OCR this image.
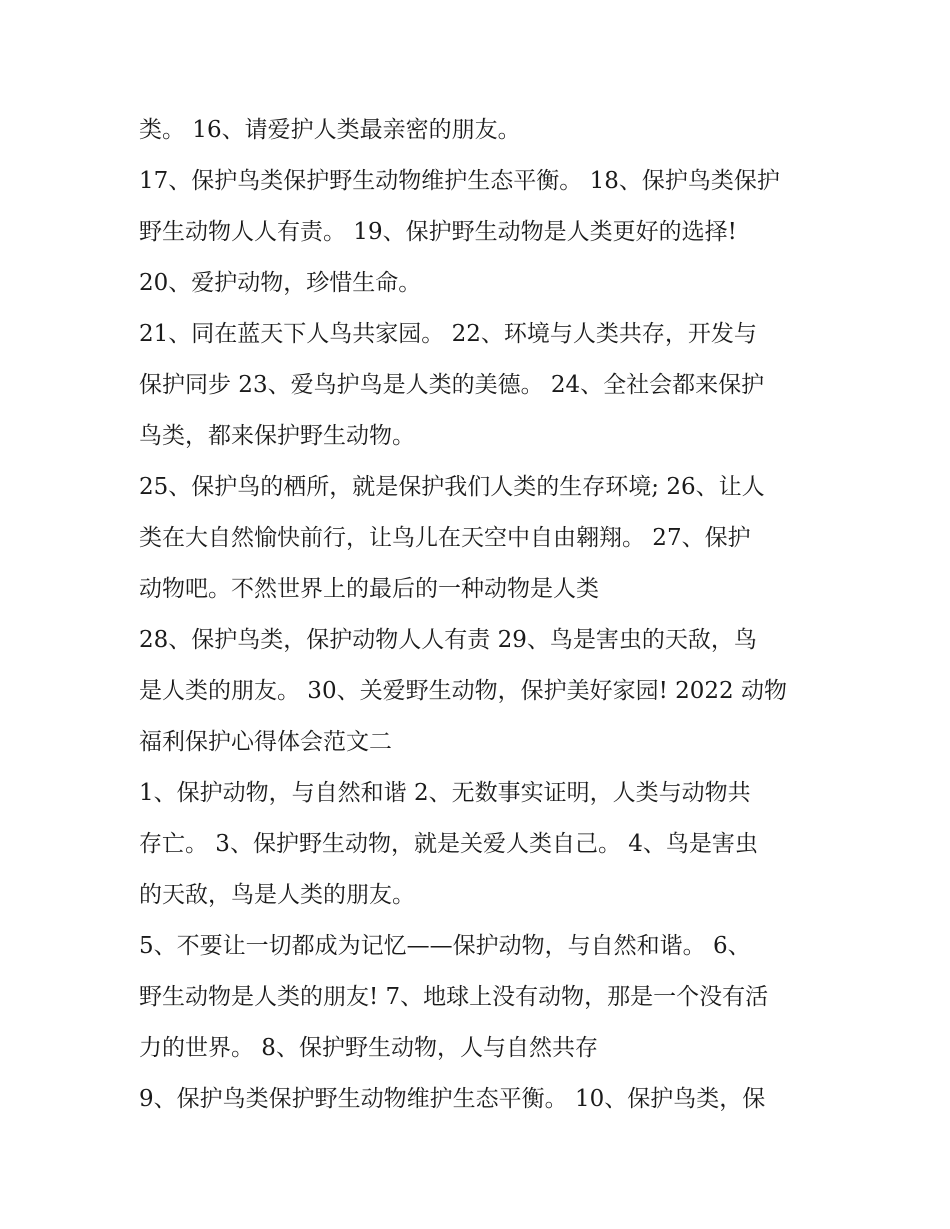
类。 16、请爱护人类最亲密的朋友。
17、保护鸟类保护野生动物维护生态平衡。 18、保护鸟类保护
野生动物人人有责。 19、保护野生动物是人类更好的选择!
20、爱护动物，珍惜生命。
21、同在蓝天下人鸟共家园。 22、环境与人类共存，开发与
保护同步 23、爱鸟护鸟是人类的美德。 24、全社会都来保护
鸟类，都来保护野生动物。
25、保护鸟的栖所，就是保护我们人类的生存环境; 26、让人
类在大自然愉快前行，让鸟儿在天空中自由翱翔。 27、保护
动物吧。不然世界上的最后的一种动物是人类
28、保护鸟类，保护动物人人有责 29、鸟是害虫的天敌，鸟
是人类的朋友。 30、关爱野生动物，保护美好家园! 2022 动物
福利保护心得体会范文二
1、保护动物，与自然和谐 2、无数事实证明，人类与动物共
存亡。 3、保护野生动物，就是关爱人类自己。 4、鸟是害虫
的天敌，鸟是人类的朋友。
5、不要让一切都成为记忆——保护动物，与自然和谐。 6、
野生动物是人类的朋友! 7、地球上没有动物，那是一个没有活
力的世界。 8、保护野生动物，人与自然共存
9、保护鸟类保护野生动物维护生态平衡。 10、保护鸟类，保
